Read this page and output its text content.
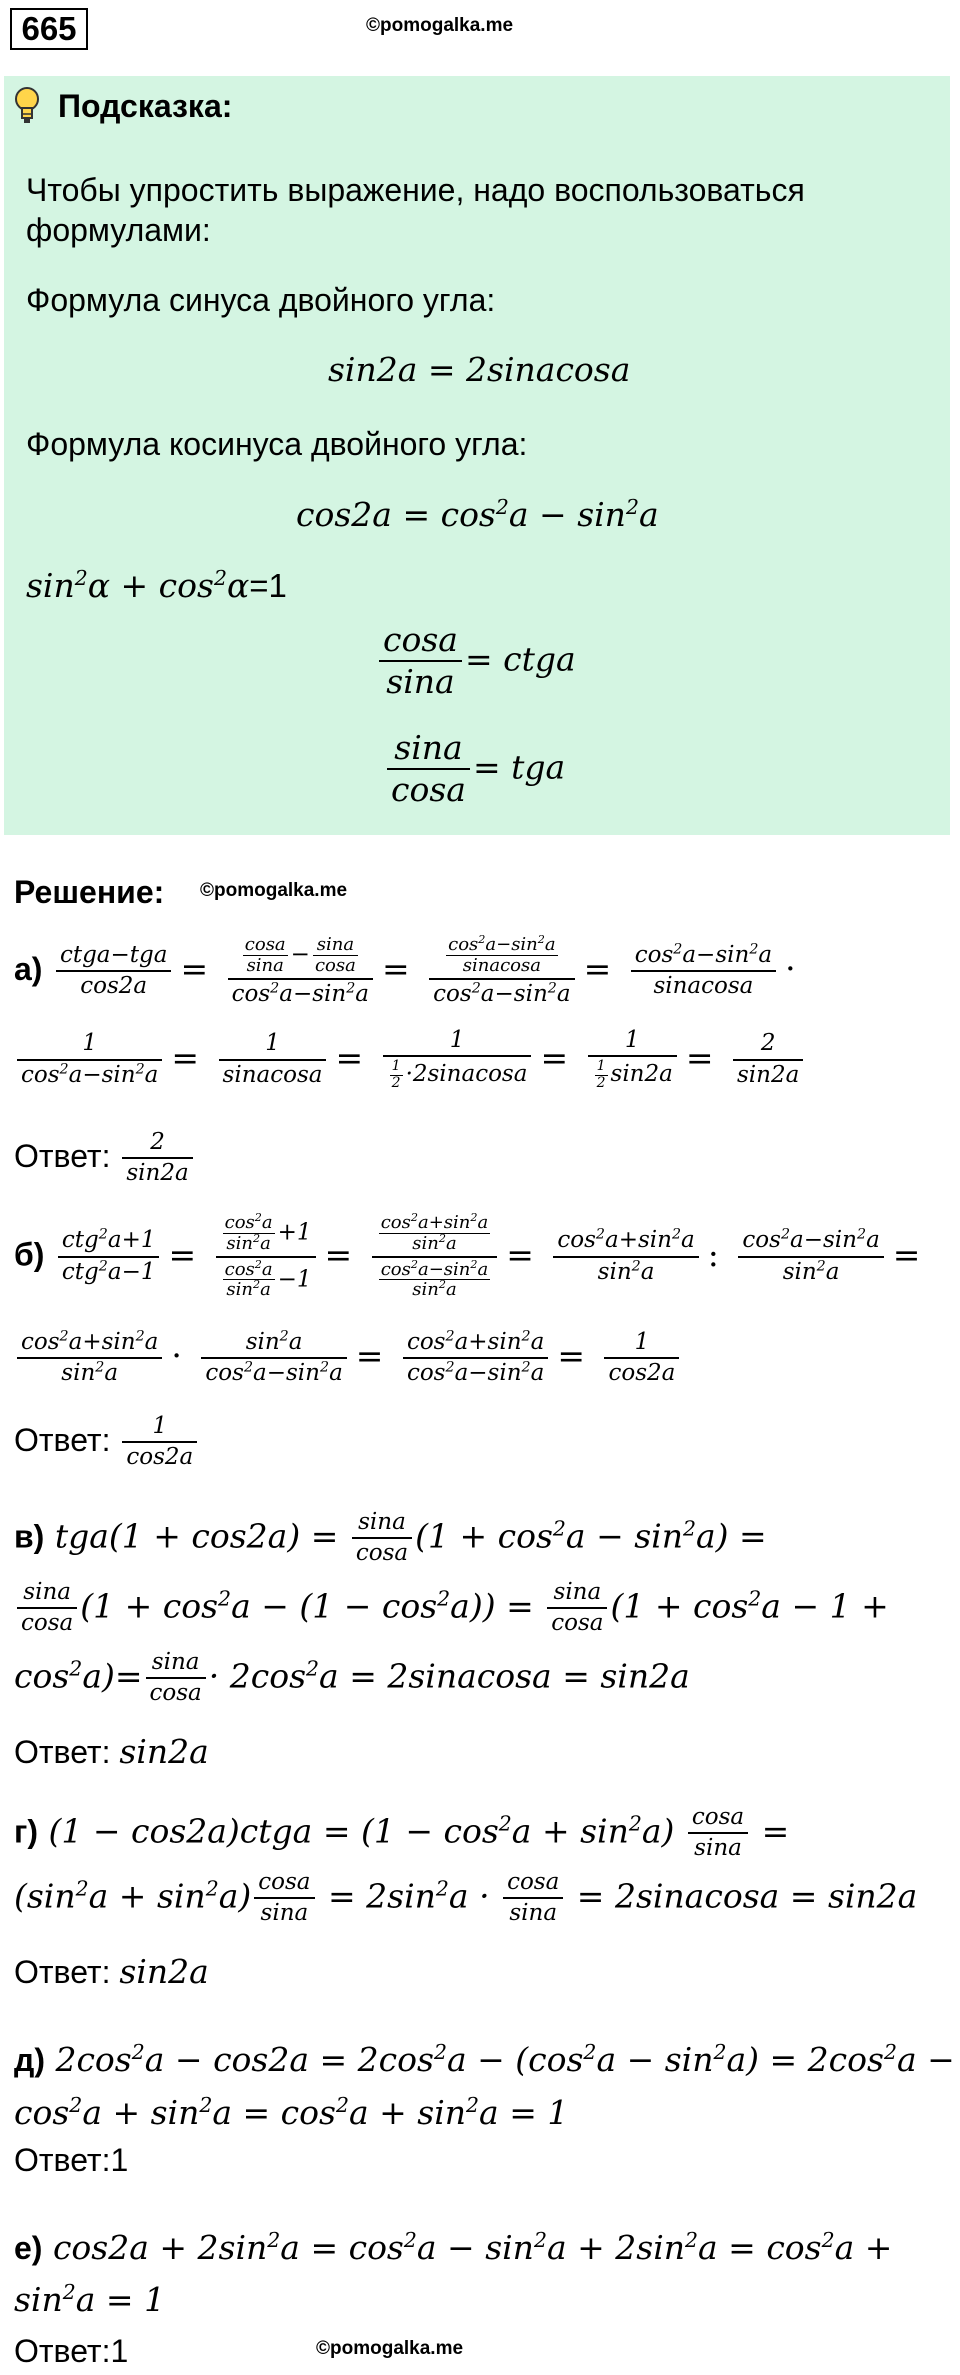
665	©pomogalka.me
Подсказка:
Чтобы упростить выражение, надо воспользоваться формулами:
Формула синуса двойного угла:
sin2a = 2sinacosa
Формула косинуса двойного угла:
$\cos 2a = \cos^2a - \sin^2a$
$\sin^2\alpha + \cos^2\alpha=1$
$\frac{\cos a}{\sin a}$ = ctga
$\frac{\sin a}{\cos a}$ = tga
Решение: ©pomogalka.me
$а) \frac{\text{ctga−tga}}{\cos 2a} = \frac{\frac{\cos a}{\sin a} - \frac{\sin a}{\cos a}}{\cos^2a-\sin^2a} = \frac{\frac{\cos^2a-\sin^2a}{\text{sinacosa}}}{\cos^2a-\sin^2a} = \frac{\cos^2a-\sin^2a}{\text{sinacosa}}$ ·
$\frac{1}{\cos^2a-\sin^2a} = \frac{1}{\text{sinacosa}} = \frac{1}{\frac{1}{2} \cdot 2sinacosa} = \frac{1}{\frac{1}{2} \sin 2a} = \frac{2}{\sin 2a}$
Ответ: $\frac{2}{\sin 2a}$
$б) \frac{ctg^2a+1}{ctg^2a-1} = \frac{\frac{\cos^2a}{\sin^2a} +1}{\frac{\cos^2a}{\sin^2a} -1} = \frac{\frac{\cos^2a+\sin^2a}{\sin^2a}}{\frac{\cos^2a-\sin^2a}{\sin^2a}} = \frac{\cos^2a+\sin^2a}{\sin^2a}$ : $\frac{\cos^2a-\sin^2a}{\sin^2a}$ =
$\frac{\cos^2a+\sin^2a}{\sin^2a} \cdot \frac{\sin^2a}{\cos^2a-\sin^2a} = \frac{\cos^2a+\sin^2a}{\cos^2a-\sin^2a} = \frac{1}{\cos 2a}$
Ответ: $\frac{1}{\cos 2a}$
в) $tga(1 + \cos 2a) = \frac{\sin a}{\cos a} (1 + \cos^2a - \sin^2a)$ =
$\frac{\sin a}{\cos a} (1 + \cos^2a - (1 - \cos^2a)) = \frac{\sin a}{\cos a} (1 + \cos^2a - 1$ +
$\cos^2a)= \frac{\sin a}{\cos a} \cdot 2\cos^2a$ = 2sinacosa = sin2a
Ответ: sin2a
г) (1 − cos2a)ctga = $(1 - \cos^2a + \sin^2a) \frac{\cos a}{\sin a}$ =
$(\sin^2a + \sin^2a) \frac{\cos a}{\sin a} = 2\sin^2a \cdot \frac{\cos a}{\sin a}$ = 2sinacosa = sin2a
Ответ: sin2a
д) $2\cos^2a - \cos 2a = 2\cos^2a - (\cos^2a - \sin^2a) = 2\cos^2a$ −
$\cos^2a + \sin^2a = \cos^2a + \sin^2a = 1$
Ответ:1
е) $\cos 2a + 2\sin^2a = \cos^2a - \sin^2a + 2\sin^2a = \cos^2a$ +
$\sin^2a = 1$
©pomogalka.me
Ответ:1
